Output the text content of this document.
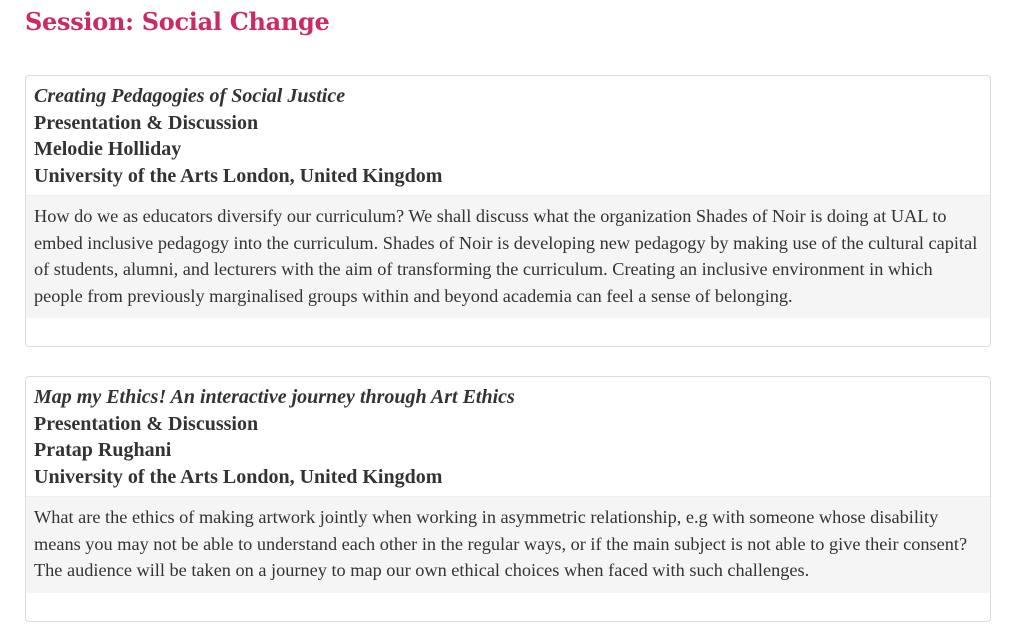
Session: Social Change
Creating Pedagogies of Social Justice
Presentation & Discussion
Melodie Holliday
University of the Arts London, United Kingdom
How do we as educators diversify our curriculum? We shall discuss what the organization Shades of Noir is doing at UAL to embed inclusive pedagogy into the curriculum. Shades of Noir is developing new pedagogy by making use of the cultural capital of students, alumni, and lecturers with the aim of transforming the curriculum. Creating an inclusive environment in which people from previously marginalised groups within and beyond academia can feel a sense of belonging.
Map my Ethics! An interactive journey through Art Ethics
Presentation & Discussion
Pratap Rughani
University of the Arts London, United Kingdom
What are the ethics of making artwork jointly when working in asymmetric relationship, e.g with someone whose disability means you may not be able to understand each other in the regular ways, or if the main subject is not able to give their consent? The audience will be taken on a journey to map our own ethical choices when faced with such challenges.
